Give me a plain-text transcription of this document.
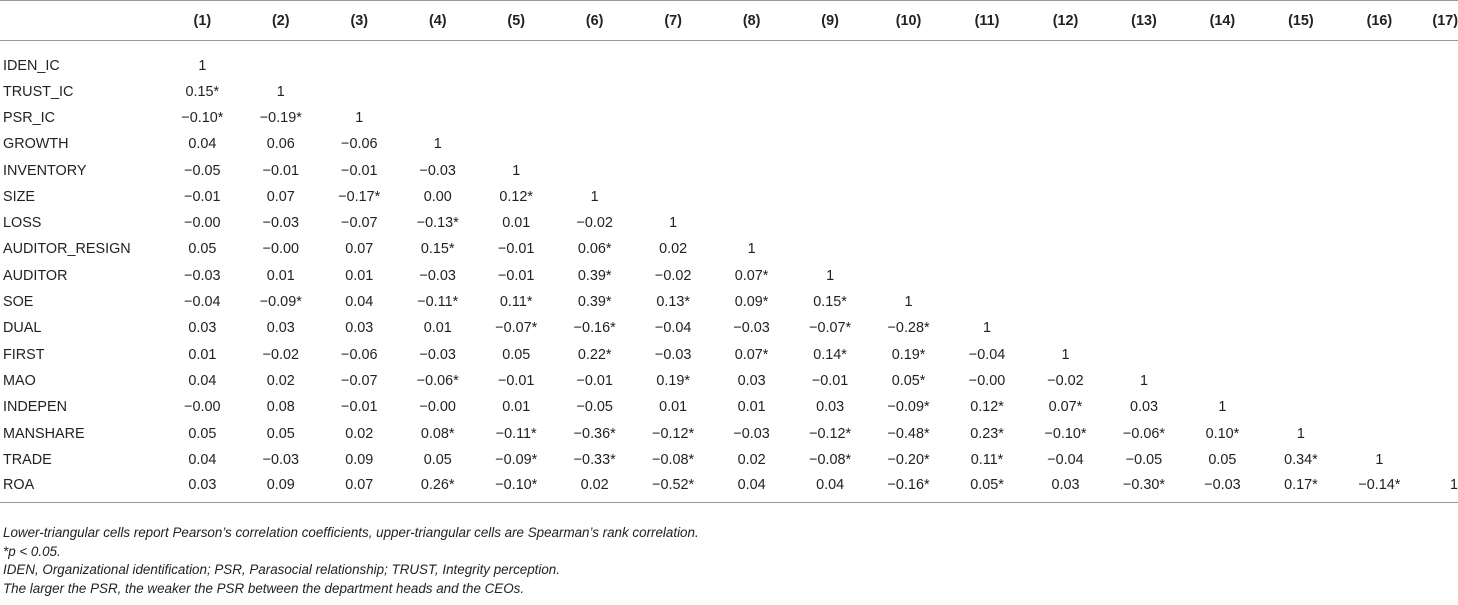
	(1)	(2)	(3)	(4)	(5)	(6)	(7)	(8)	(9)	(10)	(11)	(12)	(13)	(14)	(15)	(16)	(17)
IDEN_IC	1																
TRUST_IC	0.15*	1															
PSR_IC	−0.10*	−0.19*	1														
GROWTH	0.04	0.06	−0.06	1													
INVENTORY	−0.05	−0.01	−0.01	−0.03	1												
SIZE	−0.01	0.07	−0.17*	0.00	0.12*	1											
LOSS	−0.00	−0.03	−0.07	−0.13*	0.01	−0.02	1										
AUDITOR_RESIGN	0.05	−0.00	0.07	0.15*	−0.01	0.06*	0.02	1									
AUDITOR	−0.03	0.01	0.01	−0.03	−0.01	0.39*	−0.02	0.07*	1								
SOE	−0.04	−0.09*	0.04	−0.11*	0.11*	0.39*	0.13*	0.09*	0.15*	1							
DUAL	0.03	0.03	0.03	0.01	−0.07*	−0.16*	−0.04	−0.03	−0.07*	−0.28*	1						
FIRST	0.01	−0.02	−0.06	−0.03	0.05	0.22*	−0.03	0.07*	0.14*	0.19*	−0.04	1					
MAO	0.04	0.02	−0.07	−0.06*	−0.01	−0.01	0.19*	0.03	−0.01	0.05*	−0.00	−0.02	1				
INDEPEN	−0.00	0.08	−0.01	−0.00	0.01	−0.05	0.01	0.01	0.03	−0.09*	0.12*	0.07*	0.03	1			
MANSHARE	0.05	0.05	0.02	0.08*	−0.11*	−0.36*	−0.12*	−0.03	−0.12*	−0.48*	0.23*	−0.10*	−0.06*	0.10*	1		
TRADE	0.04	−0.03	0.09	0.05	−0.09*	−0.33*	−0.08*	0.02	−0.08*	−0.20*	0.11*	−0.04	−0.05	0.05	0.34*	1	
ROA	0.03	0.09	0.07	0.26*	−0.10*	0.02	−0.52*	0.04	0.04	−0.16*	0.05*	0.03	−0.30*	−0.03	0.17*	−0.14*	1

Lower-triangular cells report Pearson’s correlation coefficients, upper-triangular cells are Spearman’s rank correlation.

*p < 0.05.

IDEN, Organizational identification; PSR, Parasocial relationship; TRUST, Integrity perception.

The larger the PSR, the weaker the PSR between the department heads and the CEOs.
